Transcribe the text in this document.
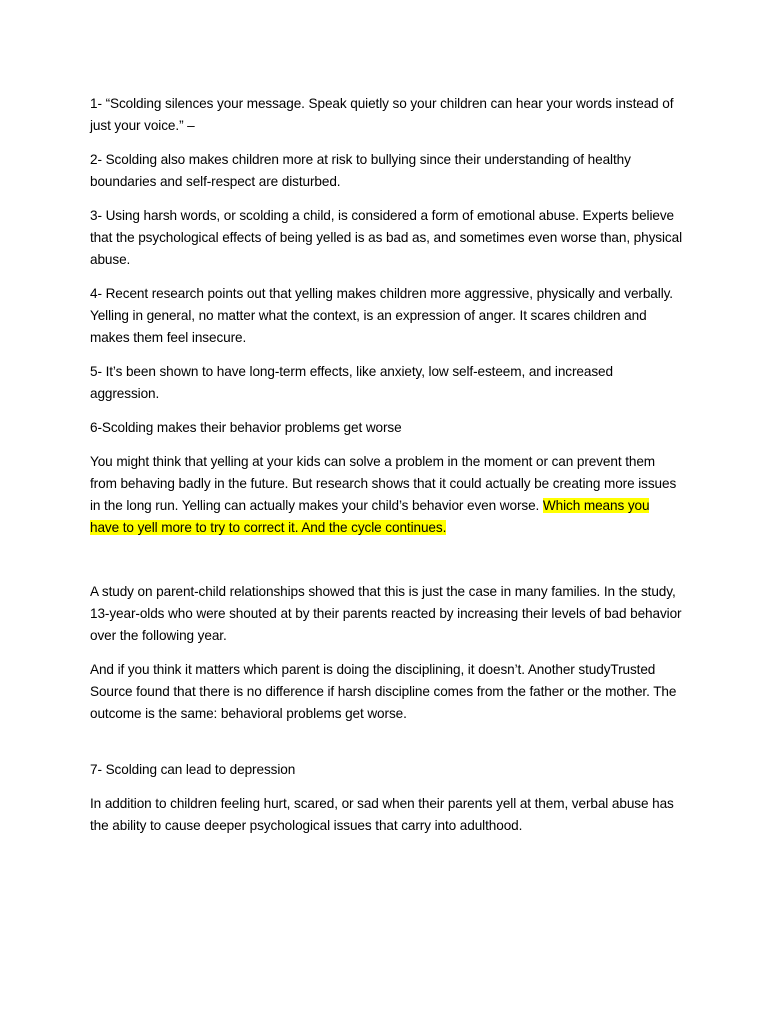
1- “Scolding silences your message. Speak quietly so your children can hear your words instead of just your voice.” –

2- Scolding also makes children more at risk to bullying since their understanding of healthy boundaries and self-respect are disturbed.

3- Using harsh words, or scolding a child, is considered a form of emotional abuse. Experts believe that the psychological effects of being yelled is as bad as, and sometimes even worse than, physical abuse.

4- Recent research points out that yelling makes children more aggressive, physically and verbally. Yelling in general, no matter what the context, is an expression of anger. It scares children and makes them feel insecure.

5- It’s been shown to have long-term effects, like anxiety, low self-esteem, and increased aggression.

6-Scolding makes their behavior problems get worse

You might think that yelling at your kids can solve a problem in the moment or can prevent them from behaving badly in the future. But research shows that it could actually be creating more issues in the long run. Yelling can actually makes your child’s behavior even worse. Which means you have to yell more to try to correct it. And the cycle continues.

A study on parent-child relationships showed that this is just the case in many families. In the study, 13-year-olds who were shouted at by their parents reacted by increasing their levels of bad behavior over the following year.

And if you think it matters which parent is doing the disciplining, it doesn’t. Another studyTrusted Source found that there is no difference if harsh discipline comes from the father or the mother. The outcome is the same: behavioral problems get worse.

7- Scolding can lead to depression

In addition to children feeling hurt, scared, or sad when their parents yell at them, verbal abuse has the ability to cause deeper psychological issues that carry into adulthood.
